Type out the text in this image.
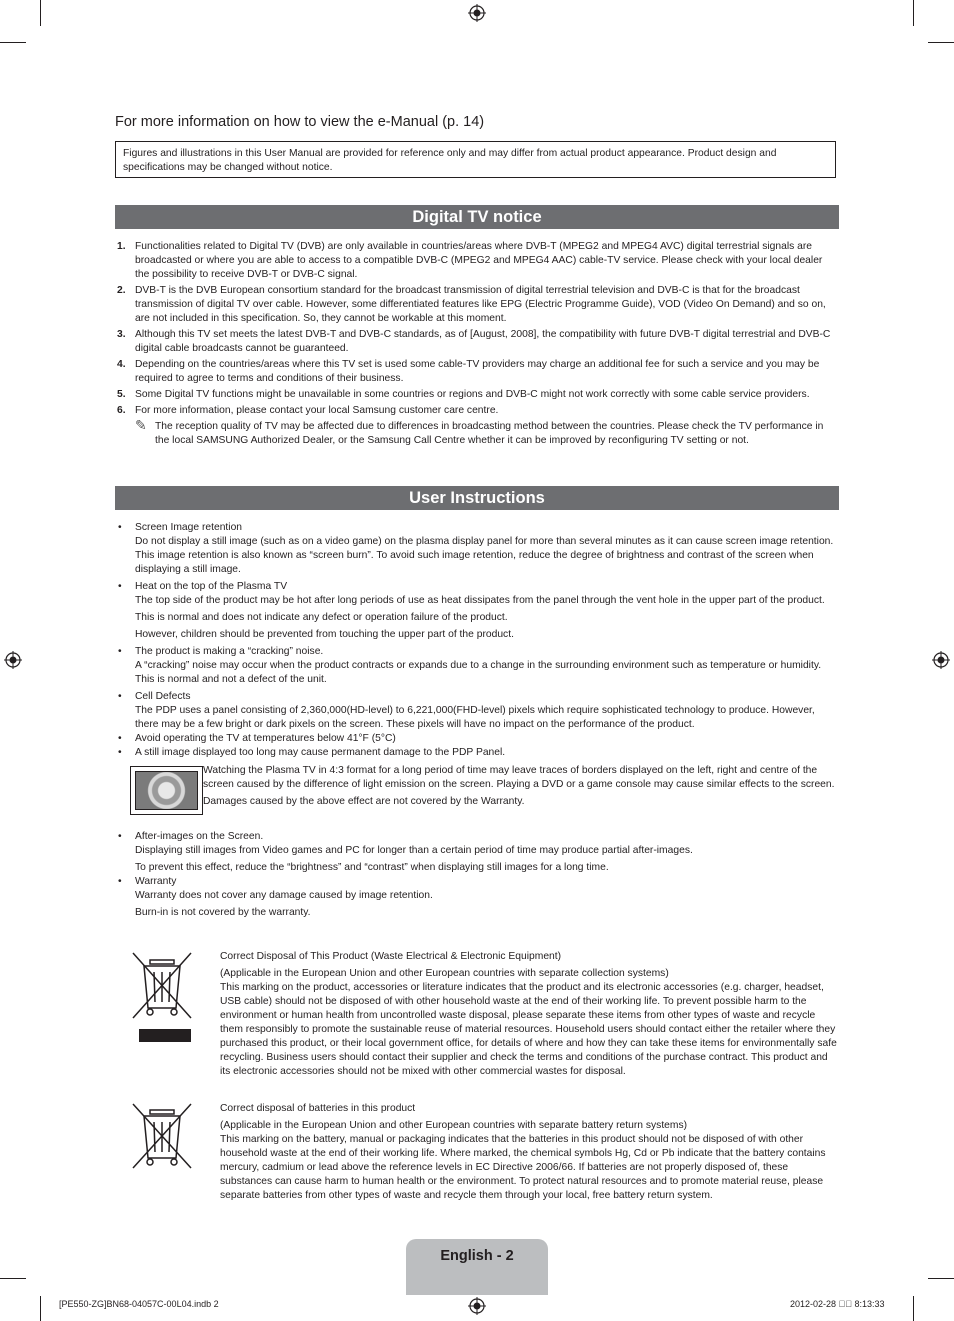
For more information on how to view the e-Manual (p. 14)
Figures and illustrations in this User Manual are provided for reference only and may differ from actual product appearance. Product design and specifications may be changed without notice.
Digital TV notice
1. Functionalities related to Digital TV (DVB) are only available in countries/areas where DVB-T (MPEG2 and MPEG4 AVC) digital terrestrial signals are broadcasted or where you are able to access to a compatible DVB-C (MPEG2 and MPEG4 AAC) cable-TV service. Please check with your local dealer the possibility to receive DVB-T or DVB-C signal.
2. DVB-T is the DVB European consortium standard for the broadcast transmission of digital terrestrial television and DVB-C is that for the broadcast transmission of digital TV over cable. However, some differentiated features like EPG (Electric Programme Guide), VOD (Video On Demand) and so on, are not included in this specification. So, they cannot be workable at this moment.
3. Although this TV set meets the latest DVB-T and DVB-C standards, as of [August, 2008], the compatibility with future DVB-T digital terrestrial and DVB-C digital cable broadcasts cannot be guaranteed.
4. Depending on the countries/areas where this TV set is used some cable-TV providers may charge an additional fee for such a service and you may be required to agree to terms and conditions of their business.
5. Some Digital TV functions might be unavailable in some countries or regions and DVB-C might not work correctly with some cable service providers.
6. For more information, please contact your local Samsung customer care centre.
✎ The reception quality of TV may be affected due to differences in broadcasting method between the countries. Please check the TV performance in the local SAMSUNG Authorized Dealer, or the Samsung Call Centre whether it can be improved by reconfiguring TV setting or not.
User Instructions
• Screen Image retention
Do not display a still image (such as on a video game) on the plasma display panel for more than several minutes as it can cause screen image retention. This image retention is also known as “screen burn”. To avoid such image retention, reduce the degree of brightness and contrast of the screen when displaying a still image.
• Heat on the top of the Plasma TV
The top side of the product may be hot after long periods of use as heat dissipates from the panel through the vent hole in the upper part of the product.
This is normal and does not indicate any defect or operation failure of the product.
However, children should be prevented from touching the upper part of the product.
• The product is making a “cracking” noise.
A “cracking” noise may occur when the product contracts or expands due to a change in the surrounding environment such as temperature or humidity. This is normal and not a defect of the unit.
• Cell Defects
The PDP uses a panel consisting of 2,360,000(HD-level) to 6,221,000(FHD-level) pixels which require sophisticated technology to produce. However, there may be a few bright or dark pixels on the screen. These pixels will have no impact on the performance of the product.
• Avoid operating the TV at temperatures below 41°F (5°C)
• A still image displayed too long may cause permanent damage to the PDP Panel.
Watching the Plasma TV in 4:3 format for a long period of time may leave traces of borders displayed on the left, right and centre of the screen caused by the difference of light emission on the screen. Playing a DVD or a game console may cause similar effects to the screen.
Damages caused by the above effect are not covered by the Warranty.
• After-images on the Screen.
Displaying still images from Video games and PC for longer than a certain period of time may produce partial after-images.
To prevent this effect, reduce the “brightness” and “contrast” when displaying still images for a long time.
• Warranty
Warranty does not cover any damage caused by image retention.
Burn-in is not covered by the warranty.
Correct Disposal of This Product (Waste Electrical & Electronic Equipment)
(Applicable in the European Union and other European countries with separate collection systems)
This marking on the product, accessories or literature indicates that the product and its electronic accessories (e.g. charger, headset, USB cable) should not be disposed of with other household waste at the end of their working life. To prevent possible harm to the environment or human health from uncontrolled waste disposal, please separate these items from other types of waste and recycle them responsibly to promote the sustainable reuse of material resources. Household users should contact either the retailer where they purchased this product, or their local government office, for details of where and how they can take these items for environmentally safe recycling. Business users should contact their supplier and check the terms and conditions of the purchase contract. This product and its electronic accessories should not be mixed with other commercial wastes for disposal.
Correct disposal of batteries in this product
(Applicable in the European Union and other European countries with separate battery return systems)
This marking on the battery, manual or packaging indicates that the batteries in this product should not be disposed of with other household waste at the end of their working life. Where marked, the chemical symbols Hg, Cd or Pb indicate that the battery contains mercury, cadmium or lead above the reference levels in EC Directive 2006/66. If batteries are not properly disposed of, these substances can cause harm to human health or the environment. To protect natural resources and to promote material reuse, please separate batteries from other types of waste and recycle them through your local, free battery return system.
English - 2
[PE550-ZG]BN68-04057C-00L04.indb 2	2012-02-28 ￿￿ 8:13:33
